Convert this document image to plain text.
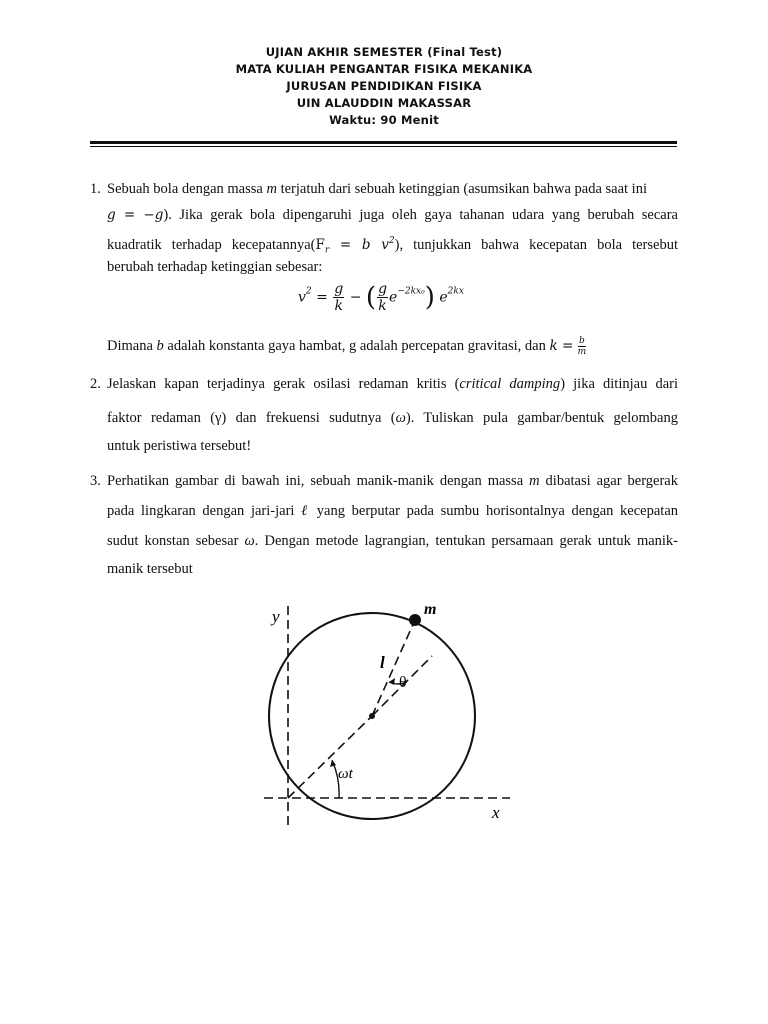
UJIAN AKHIR SEMESTER (Final Test)
MATA KULIAH PENGANTAR FISIKA MEKANIKA
JURUSAN PENDIDIKAN FISIKA
UIN ALAUDDIN MAKASSAR
Waktu: 90 Menit
1. Sebuah bola dengan massa m terjatuh dari sebuah ketinggian (asumsikan bahwa pada saat ini
g = −g). Jika gerak bola dipengaruhi juga oleh gaya tahanan udara yang berubah secara
kuadratik terhadap $kecepatannya(F_r = b$ $v^2$), tunjukkan bahwa kecepatan bola tersebut
berubah terhadap ketinggian sebesar:
$v^2 = \frac{g}{k}$ − ( $\frac{g}{k} e^{-2kx_0}$) $e^{2kx}$
Dimana b adalah konstanta gaya hambat, g adalah percepatan gravitasi, dan $k = \frac{b}{m}$
2. Jelaskan kapan terjadinya gerak osilasi redaman kritis (critical damping) jika ditinjau dari
faktor redaman (γ) dan frekuensi sudutnya (ω). Tuliskan pula gambar/bentuk gelombang
untuk peristiwa tersebut!
3. Perhatikan gambar di bawah ini, sebuah manik-manik dengan massa m dibatasi agar bergerak
pada lingkaran dengan jari-jari ℓ yang berputar pada sumbu horisontalnya dengan kecepatan
sudut konstan sebesar ω. Dengan metode lagrangian, tentukan persamaan gerak untuk manik-
manik tersebut
y
x
m
l
θ
ωt
